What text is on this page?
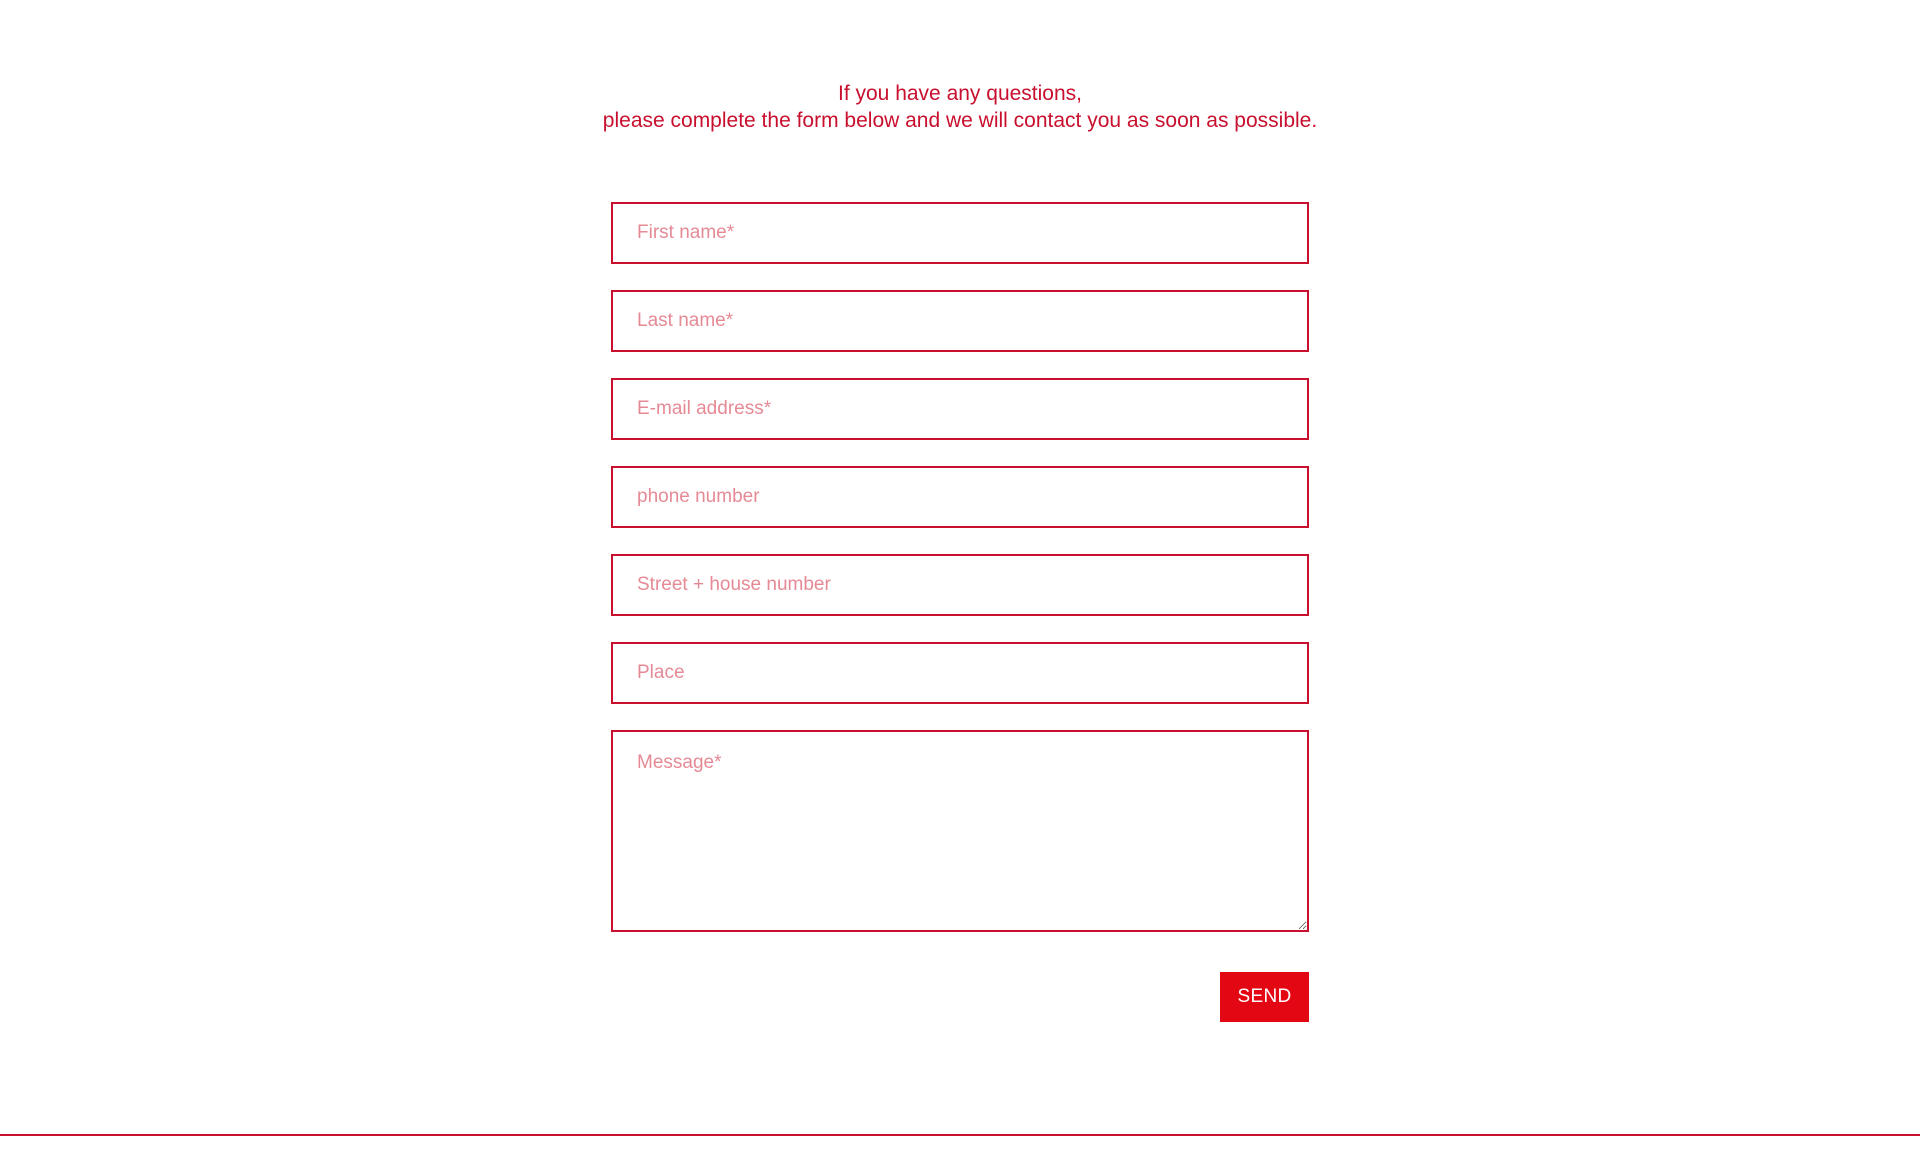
If you have any questions,
please complete the form below and we will contact you as soon as possible.
First name*
Last name*
E-mail address*
phone number
Street + house number
Place
Message*
SEND
